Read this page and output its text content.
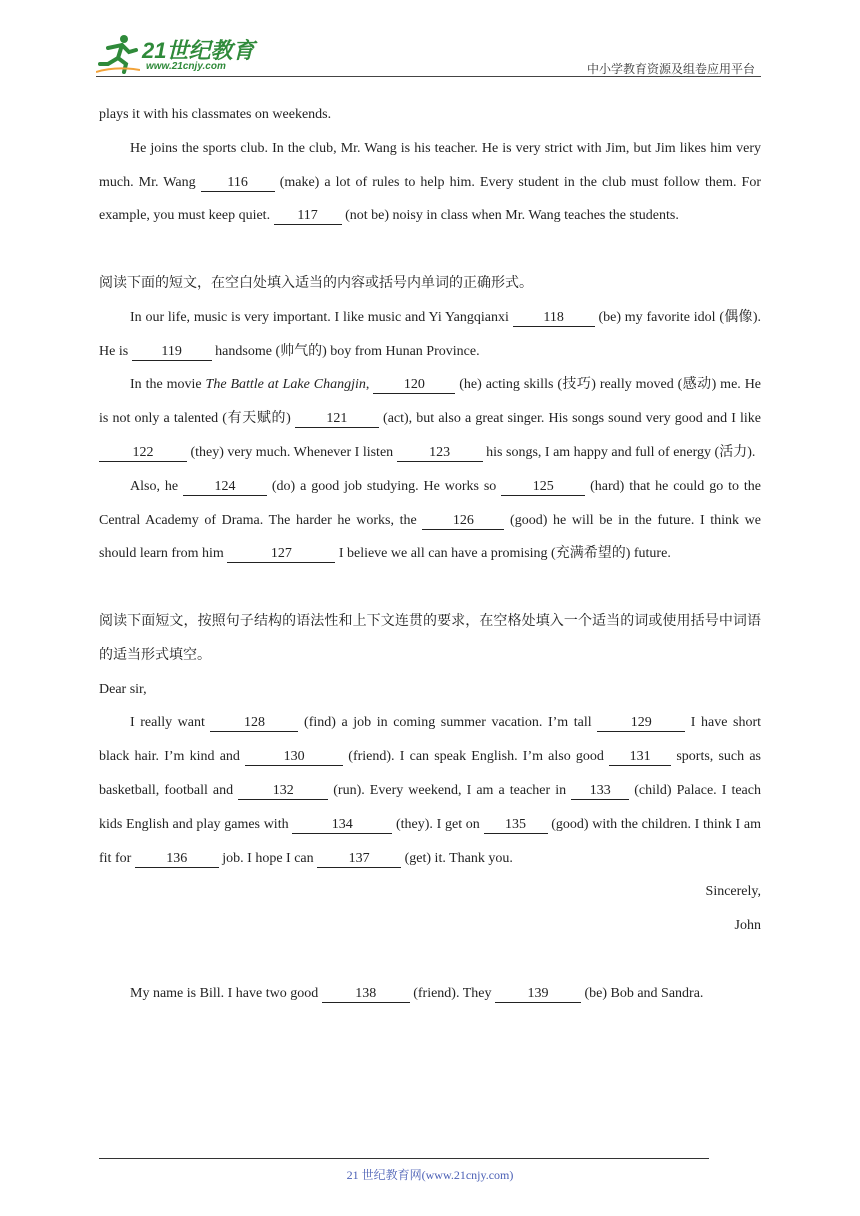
21世纪教育
www.21cnjy.com	中小学教育资源及组卷应用平台

plays it with his classmates on weekends.

He joins the sports club. In the club, Mr. Wang is his teacher. He is very strict with Jim, but Jim likes him very much. Mr. Wang 116 (make) a lot of rules to help him. Every student in the club must follow them. For example, you must keep quiet. 117 (not be) noisy in class when Mr. Wang teaches the students.

阅读下面的短文，在空白处填入适当的内容或括号内单词的正确形式。

In our life, music is very important. I like music and Yi Yangqianxi 118 (be) my favorite idol (偶像). He is 119 handsome (帅气的) boy from Hunan Province.

In the movie The Battle at Lake Changjin, 120 (he) acting skills (技巧) really moved (感动) me. He is not only a talented (有天赋的) 121 (act), but also a great singer. His songs sound very good and I like 122 (they) very much. Whenever I listen 123 his songs, I am happy and full of energy (活力).

Also, he 124 (do) a good job studying. He works so 125 (hard) that he could go to the Central Academy of Drama. The harder he works, the 126 (good) he will be in the future. I think we should learn from him	127	I believe we all can have a promising (充满希望的) future.

阅读下面短文，按照句子结构的语法性和上下文连贯的要求，在空格处填入一个适当的词或使用括号中词语的适当形式填空。

Dear sir,

I really want 128 (find) a job in coming summer vacation. I’m tall 129 I have short black hair. I’m kind and	130	(friend). I can speak English. I’m also good 131 sports, such as basketball, football and 132 (run). Every weekend, I am a teacher in 133 (child) Palace. I teach kids English and play games with	134	(they). I get on 135 (good) with the children. I think I am fit for 136 job. I hope I can 137 (get) it. Thank you.

Sincerely,

John

My name is Bill. I have two good 138 (friend). They 139 (be) Bob and Sandra.

21 世纪教育网(www.21cnjy.com)
